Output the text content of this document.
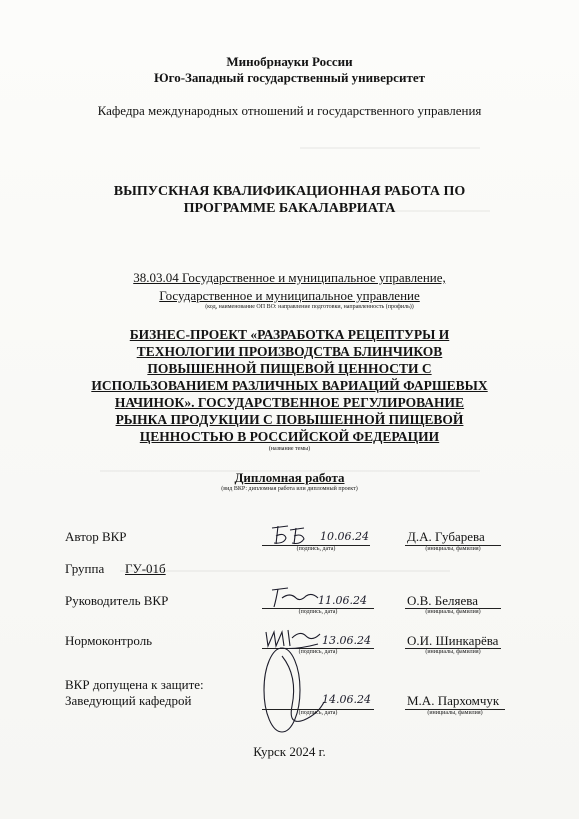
Минобрнауки России
Юго-Западный государственный университет
Кафедра международных отношений и государственного управления
ВЫПУСКНАЯ КВАЛИФИКАЦИОННАЯ РАБОТА ПО
ПРОГРАММЕ БАКАЛАВРИАТА
38.03.04 Государственное и муниципальное управление,
Государственное и муниципальное управление
(код, наименование ОП ВО: направление подготовки, направленность (профиль))
БИЗНЕС-ПРОЕКТ «РАЗРАБОТКА РЕЦЕПТУРЫ И
ТЕХНОЛОГИИ ПРОИЗВОДСТВА БЛИНЧИКОВ
ПОВЫШЕННОЙ ПИЩЕВОЙ ЦЕННОСТИ С
ИСПОЛЬЗОВАНИЕМ РАЗЛИЧНЫХ ВАРИАЦИЙ ФАРШЕВЫХ
НАЧИНОК». ГОСУДАРСТВЕННОЕ РЕГУЛИРОВАНИЕ
РЫНКА ПРОДУКЦИИ С ПОВЫШЕННОЙ ПИЩЕВОЙ
ЦЕННОСТЬЮ В РОССИЙСКОЙ ФЕДЕРАЦИИ
(название темы)
Дипломная работа
(вид ВКР: дипломная работа или дипломный проект)
Автор ВКР	10.06.24
(подпись, дата)
Д.А. Губарева
(инициалы, фамилия)
Группа ГУ-01б
Руководитель ВКР	11.06.24
(подпись, дата)
О.В. Беляева
(инициалы, фамилия)
Нормоконтроль	13.06.24
(подпись, дата)
О.И. Шинкарёва
(инициалы, фамилия)
ВКР допущена к защите:
Заведующий кафедрой	14.06.24
(подпись, дата)
М.А. Пархомчук
(инициалы, фамилия)
Курск 2024 г.
